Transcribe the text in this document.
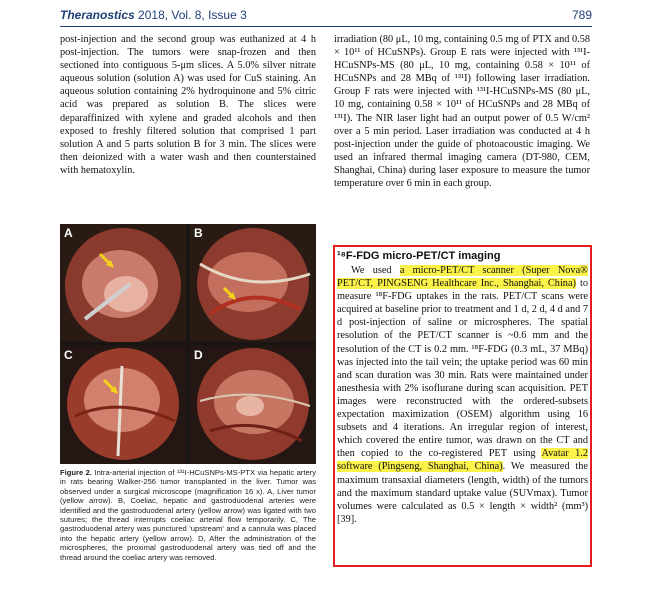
Theranostics 2018, Vol. 8, Issue 3	789

post-injection and the second group was euthanized at 4 h post-injection. The tumors were snap-frozen and then sectioned into contiguous 5-μm slices. A 5.0% silver nitrate aqueous solution (solution A) was used for CuS staining. An aqueous solution containing 2% hydroquinone and 5% citric acid was prepared as solution B. The slices were deparaffinized with xylene and graded alcohols and then exposed to freshly filtered solution that comprised 1 part solution A and 5 parts solution B for 3 min. The slices were then deionized with a water wash and then counterstained with hematoxylin.

A	B
C	D

Figure 2. Intra-arterial injection of ¹³¹I-HCuSNPs-MS-PTX via hepatic artery in rats bearing Walker-256 tumor transplanted in the liver. Tumor was observed under a surgical microscope (magnification 16 x). A, Liver tumor (yellow arrow). B, Coeliac, hepatic and gastroduodenal arteries were identified and the gastroduodenal artery (yellow arrow) was ligated with two sutures; the thread interrupts coeliac arterial flow temporarily. C, The gastroduodenal artery was punctured 'upstream' and a cannula was placed into the hepatic artery (yellow arrow). D, After the administration of the microspheres, the proximal gastroduodenal artery was tied off and the thread around the coeliac artery was removed.

irradiation (80 μL, 10 mg, containing 0.5 mg of PTX and 0.58 × 10¹¹ of HCuSNPs). Group E rats were injected with ¹³¹I-HCuSNPs-MS (80 μL, 10 mg, containing 0.58 × 10¹¹ of HCuSNPs and 28 MBq of ¹³¹I) following laser irradiation. Group F rats were injected with ¹³¹I-HCuSNPs-MS (80 μL, 10 mg, containing 0.58 × 10¹¹ of HCuSNPs and 28 MBq of ¹³¹I). The NIR laser light had an output power of 0.5 W/cm² over a 5 min period. Laser irradiation was conducted at 4 h post-injection under the guide of photoacoustic imaging. We used an infrared thermal imaging camera (DT-980, CEM, Shanghai, China) during laser exposure to measure the tumor temperature over 6 min in each group.

¹⁸F-FDG micro-PET/CT imaging

We used a micro-PET/CT scanner (Super Nova® PET/CT, PINGSENG Healthcare Inc., Shanghai, China) to measure ¹⁸F-FDG uptakes in the rats. PET/CT scans were acquired at baseline prior to treatment and 1 d, 2 d, 4 d and 7 d post-injection of saline or microspheres. The spatial resolution of the PET/CT scanner is ~0.6 mm and the resolution of the CT is 0.2 mm. ¹⁸F-FDG (0.3 mL, 37 MBq) was injected into the tail vein; the uptake period was 60 min and scan duration was 30 min. Rats were maintained under anesthesia with 2% isoflurane during scan acquisition. PET images were reconstructed with the ordered-subsets expectation maximization (OSEM) algorithm using 16 subsets and 4 iterations. An irregular region of interest, which covered the entire tumor, was drawn on the CT and then copied to the co-registered PET using Avatar 1.2 software (Pingseng, Shanghai, China). We measured the maximum transaxial diameters (length, width) of the tumors and the maximum standard uptake value (SUVmax). Tumor volumes were calculated as 0.5 × length × width² (mm³) [39].
